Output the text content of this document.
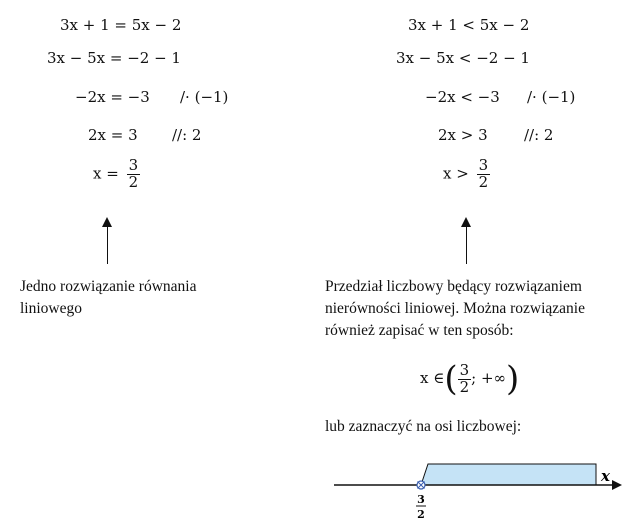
3x + 1 = 5x − 2
3x − 5x = −2 − 1
−2x = −3 /· (−1)
2x = 3 //: 2
$x = \frac{3}{2}$
Jedno rozwiązanie równania
liniowego
3x + 1 < 5x − 2
3x − 5x < −2 − 1
−2x < −3 /· (−1)
2x > 3 //: 2
$x > \frac{3}{2}$
Przedział liczbowy będący rozwiązaniem
nierówności liniowej. Można rozwiązanie
również zapisać w ten sposób:
x ∈( $\frac{3}{2}$ ; +∞)
lub zaznaczyć na osi liczbowej:
x
3
2
